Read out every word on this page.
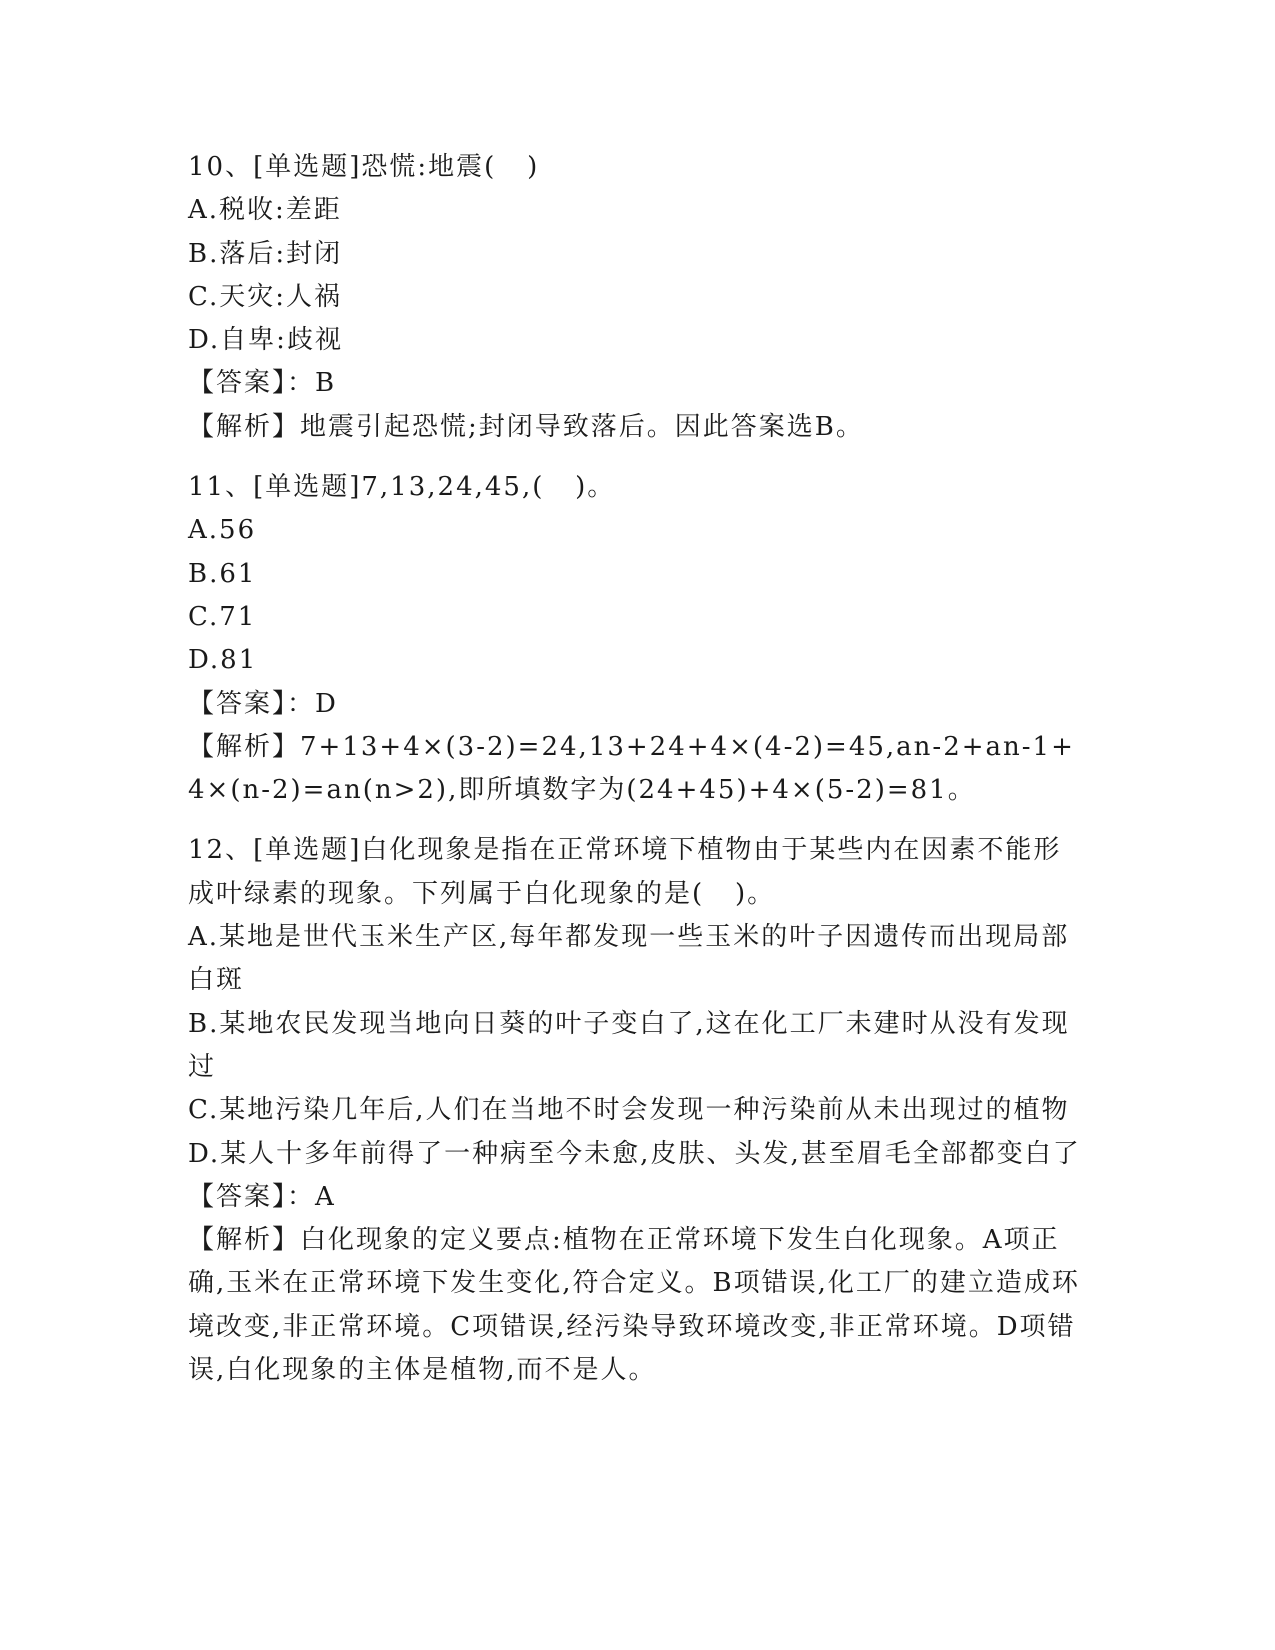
10、[单选题]恐慌:地震(   )
A.税收:差距
B.落后:封闭
C.天灾:人祸
D.自卑:歧视
【答案】：B
【解析】地震引起恐慌;封闭导致落后。因此答案选B。
11、[单选题]7,13,24,45,(   )。
A.56
B.61
C.71
D.81
【答案】：D
【解析】7+13+4×(3-2)=24,13+24+4×(4-2)=45,an-2+an-1+4×(n-2)=an(n>2),即所填数字为(24+45)+4×(5-2)=81。
12、[单选题]白化现象是指在正常环境下植物由于某些内在因素不能形成叶绿素的现象。下列属于白化现象的是(   )。
A.某地是世代玉米生产区,每年都发现一些玉米的叶子因遗传而出现局部白斑
B.某地农民发现当地向日葵的叶子变白了,这在化工厂未建时从没有发现过
C.某地污染几年后,人们在当地不时会发现一种污染前从未出现过的植物
D.某人十多年前得了一种病至今未愈,皮肤、头发,甚至眉毛全部都变白了
【答案】：A
【解析】白化现象的定义要点:植物在正常环境下发生白化现象。A项正确,玉米在正常环境下发生变化,符合定义。B项错误,化工厂的建立造成环境改变,非正常环境。C项错误,经污染导致环境改变,非正常环境。D项错误,白化现象的主体是植物,而不是人。
